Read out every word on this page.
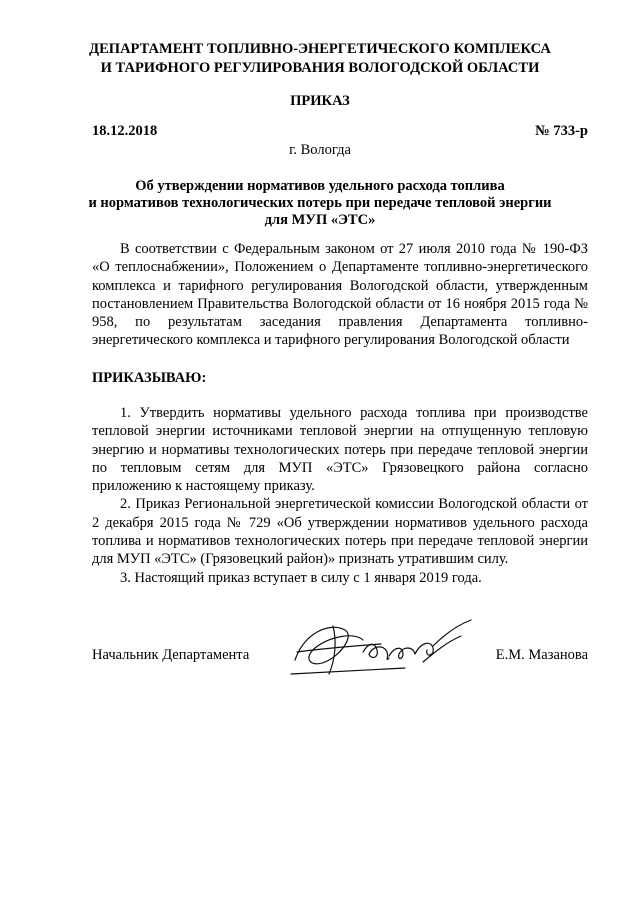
ДЕПАРТАМЕНТ ТОПЛИВНО-ЭНЕРГЕТИЧЕСКОГО КОМПЛЕКСА
И ТАРИФНОГО РЕГУЛИРОВАНИЯ ВОЛОГОДСКОЙ ОБЛАСТИ
ПРИКАЗ
18.12.2018	№ 733-р
г. Вологда
Об утверждении нормативов удельного расхода топлива
и нормативов технологических потерь при передаче тепловой энергии
для МУП «ЭТС»
В соответствии с Федеральным законом от 27 июля 2010 года № 190-ФЗ «О теплоснабжении», Положением о Департаменте топливно-энергетического комплекса и тарифного регулирования Вологодской области, утвержденным постановлением Правительства Вологодской области от 16 ноября 2015 года № 958, по результатам заседания правления Департамента топливно-энергетического комплекса и тарифного регулирования Вологодской области
ПРИКАЗЫВАЮ:

1. Утвердить нормативы удельного расхода топлива при производстве тепловой энергии источниками тепловой энергии на отпущенную тепловую энергию и нормативы технологических потерь при передаче тепловой энергии по тепловым сетям для МУП «ЭТС» Грязовецкого района согласно приложению к настоящему приказу.

2. Приказ Региональной энергетической комиссии Вологодской области от 2 декабря 2015 года № 729 «Об утверждении нормативов удельного расхода топлива и нормативов технологических потерь при передаче тепловой энергии для МУП «ЭТС» (Грязовецкий район)» признать утратившим силу.

3. Настоящий приказ вступает в силу с 1 января 2019 года.

Начальник Департамента	Е.М. Мазанова
